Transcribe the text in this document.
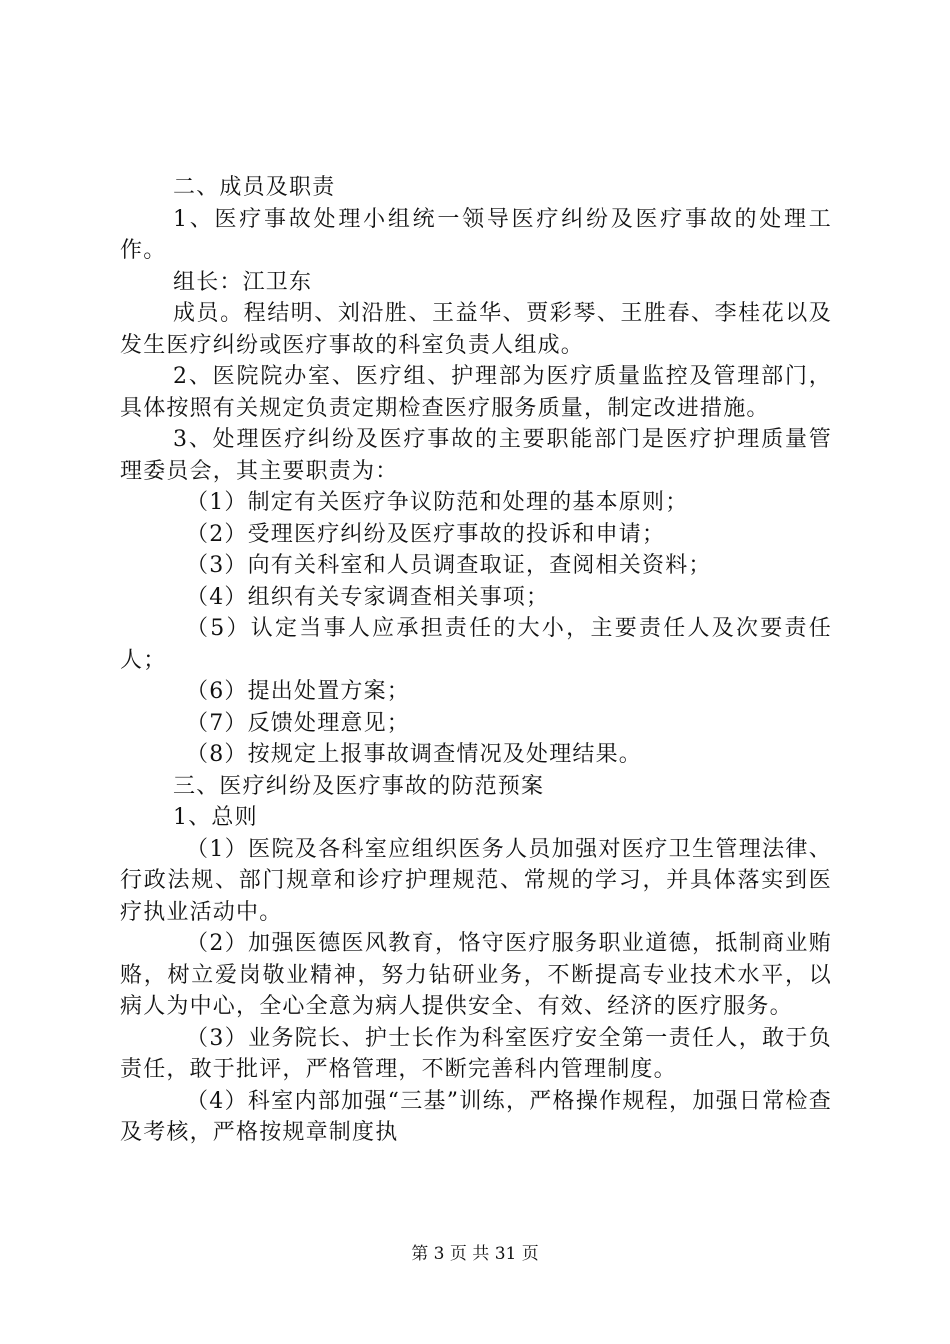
二、成员及职责

1、医疗事故处理小组统一领导医疗纠纷及医疗事故的处理工作。

组长：江卫东

成员。程结明、刘沿胜、王益华、贾彩琴、王胜春、李桂花以及发生医疗纠纷或医疗事故的科室负责人组成。

2、医院院办室、医疗组、护理部为医疗质量监控及管理部门，具体按照有关规定负责定期检查医疗服务质量，制定改进措施。

3、处理医疗纠纷及医疗事故的主要职能部门是医疗护理质量管理委员会，其主要职责为：

（1）制定有关医疗争议防范和处理的基本原则；

（2）受理医疗纠纷及医疗事故的投诉和申请；

（3）向有关科室和人员调查取证，查阅相关资料；

（4）组织有关专家调查相关事项；

（5）认定当事人应承担责任的大小，主要责任人及次要责任人；

（6）提出处置方案；

（7）反馈处理意见；

（8）按规定上报事故调查情况及处理结果。

三、医疗纠纷及医疗事故的防范预案

1、总则

（1）医院及各科室应组织医务人员加强对医疗卫生管理法律、行政法规、部门规章和诊疗护理规范、常规的学习，并具体落实到医疗执业活动中。

（2）加强医德医风教育，恪守医疗服务职业道德，抵制商业贿赂，树立爱岗敬业精神，努力钻研业务，不断提高专业技术水平，以病人为中心，全心全意为病人提供安全、有效、经济的医疗服务。

（3）业务院长、护士长作为科室医疗安全第一责任人，敢于负责任，敢于批评，严格管理，不断完善科内管理制度。

（4）科室内部加强“三基”训练，严格操作规程，加强日常检查及考核，严格按规章制度执

第 3 页 共 31 页
